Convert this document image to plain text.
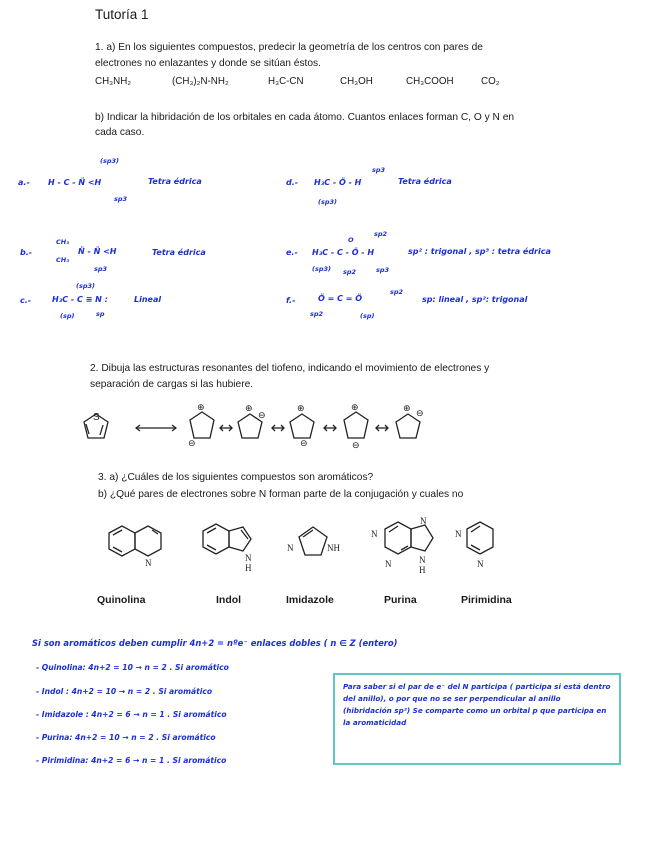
Tutoría 1
1. a) En los siguientes compuestos, predecir la geometría de los centros con pares de
electrones no enlazantes y donde se sitúan éstos.
CH₃NH₂	(CH₃)₂N-NH₂	H₃C-CN	CH₃OH	CH₃COOH	CO₂
b) Indicar la hibridación de los orbitales en cada átomo. Cuantos enlaces forman C, O y N en
cada caso.
a.- H - C - N̈ <H
(sp3)
sp3
Tetra édrica	d.- H₃C - Ö - H
sp3
(sp3)
Tetra édrica
b.-
CH₃
CH₃
N̈ - N̈ <H
sp3
Tetra édrica	e.-
O
sp2
H₃C - C - Ö - H
(sp3) sp2	sp3
sp² : trigonal , sp³ : tetra édrica
c.-	H₃C - C ≡ N :
(sp3)
(sp)	sp
Lineal	f.-	Ö = C = Ö
sp2
sp2	(sp)
sp: lineal , sp²: trigonal
2. Dibuja las estructuras resonantes del tiofeno, indicando el movimiento de electrones y
separación de cargas si las hubiere.
S
⊕
⊖
⊕
⊖
⊕
⊖
⊕
⊖
⊕ ⊖
3. a) ¿Cuáles de los siguientes compuestos son aromáticos?
b) ¿Qué pares de electrones sobre N forman parte de la conjugación y cuales no
N	N
H
N	NH
N
N
N	N
H
N
N
Quinolina	Indol	Imidazole	Purina	Pirimidina
Si son aromáticos deben cumplir 4n+2 = nºe⁻ enlaces dobles ( n ∈ Z (entero)
- Quinolina: 4n+2 = 10 → n = 2 . Si aromático
- Indol : 4n+2 = 10 → n = 2 . Si aromático
- Imidazole : 4n+2 = 6 → n = 1 . Si aromático
- Purina: 4n+2 = 10 → n = 2 . Si aromático
- Pirimidina: 4n+2 = 6 → n = 1 . Si aromático
Para saber si el par de e⁻ del N participa ( participa si está dentro del anillo), o por que no se ser perpendicular al anillo (hibridación sp²) Se comparte como un orbital p que participa en la aromaticidad
